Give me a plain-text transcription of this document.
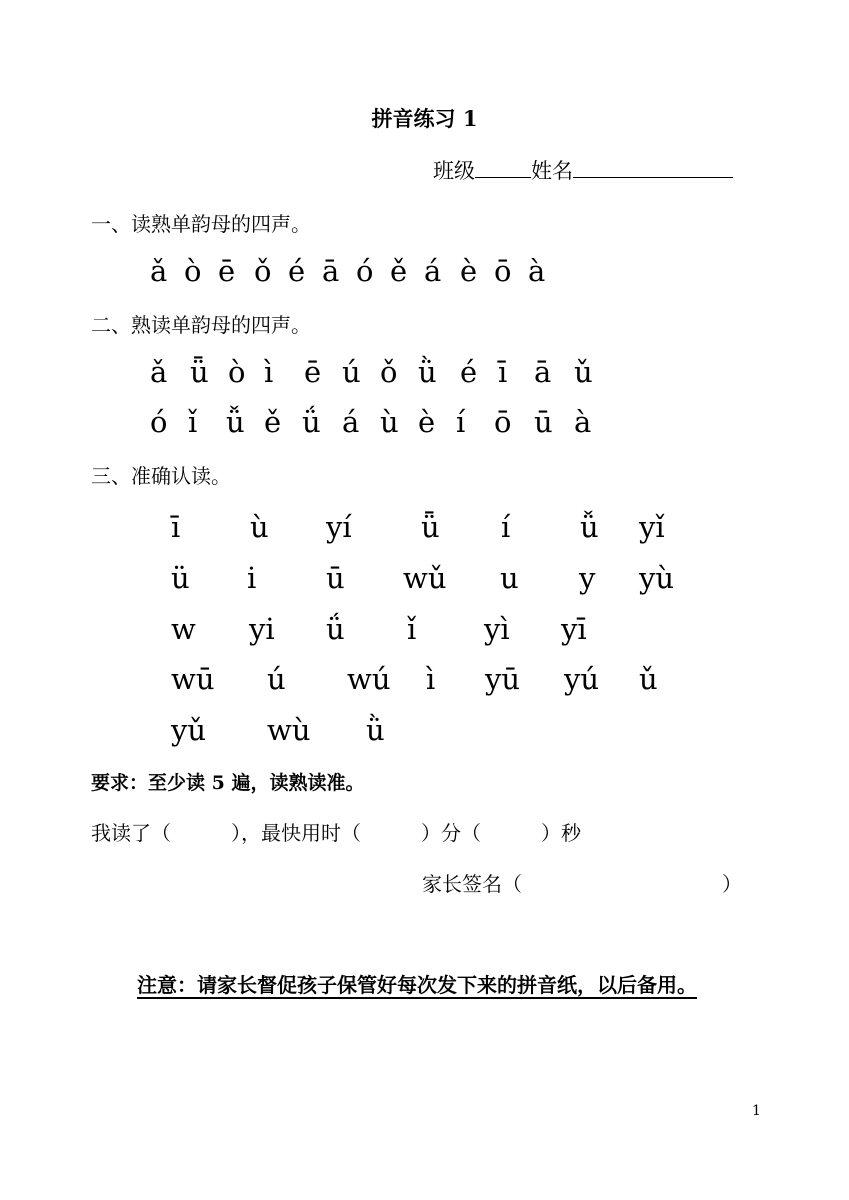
拼音练习 1
班级	姓名
一、读熟单韵母的四声。
ǎ ò ē ǒ é ā ó ě á è ō à
二、熟读单韵母的四声。
ǎ ǖ ò ì ē ú ǒ ǜ é ī ā ǔ
ó ǐ ǚ ě ǘ á ù è í ō ū à
三、准确认读。
ī ù yí ǖ í ǚ yǐ
ü i ū wǔ u y yù
w yi ǘ ǐ yì yī
wū ú wú ì yū yú ǔ
yǔ wù ǜ
要求：至少读 5 遍，读熟读准。
我读了（　　　），最快用时（　　　）分（　　　）秒
家长签名（　　　　　　　　　　）
注意：请家长督促孩子保管好每次发下来的拼音纸，以后备用。
1
